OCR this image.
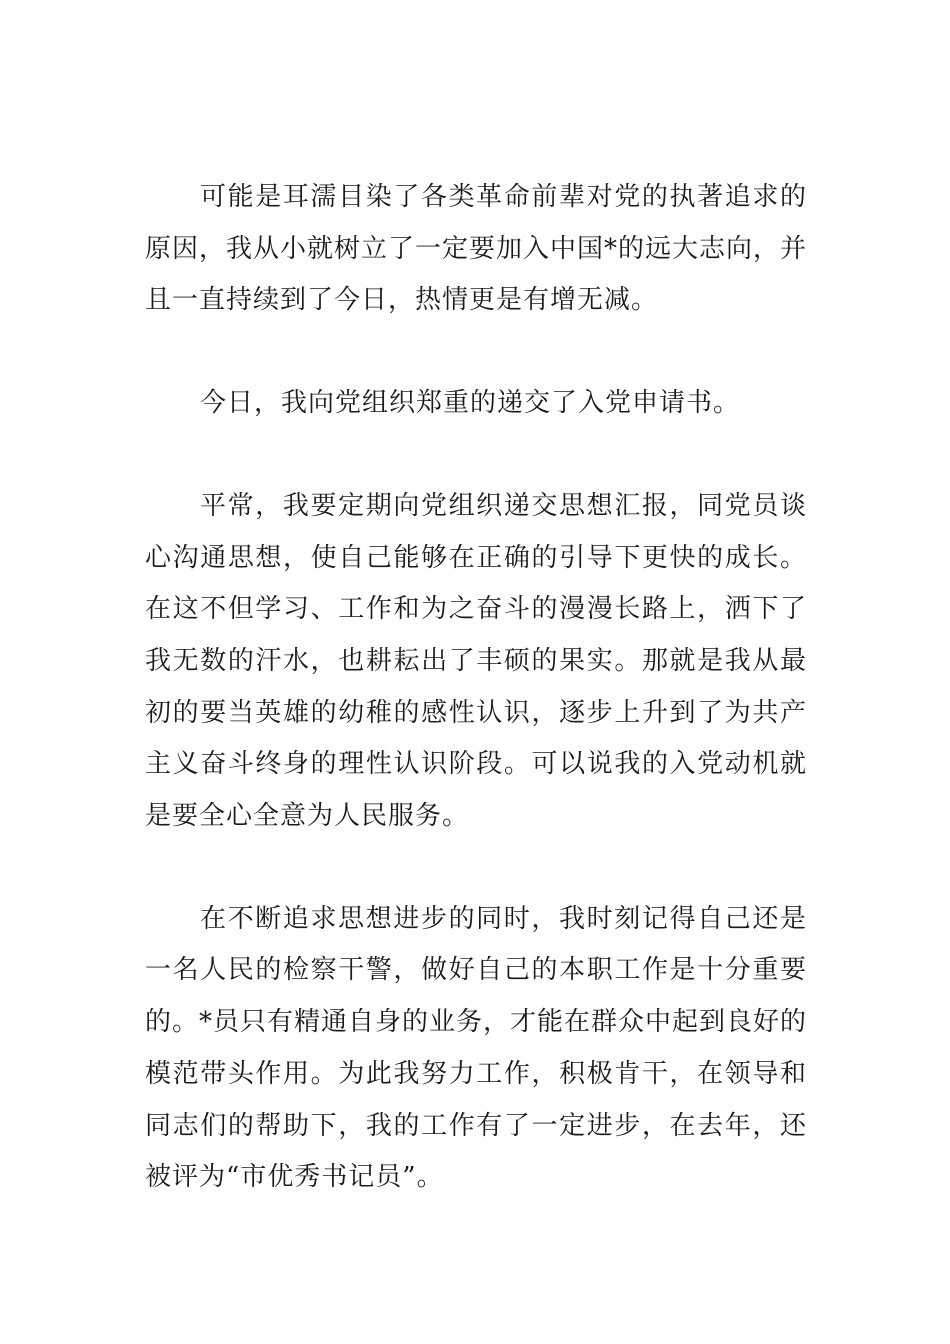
可能是耳濡目染了各类革命前辈对党的执著追求的原因，我从小就树立了一定要加入中国*的远大志向，并且一直持续到了今日，热情更是有增无减。

今日，我向党组织郑重的递交了入党申请书。

平常，我要定期向党组织递交思想汇报，同党员谈心沟通思想，使自己能够在正确的引导下更快的成长。在这不但学习、工作和为之奋斗的漫漫长路上，洒下了我无数的汗水，也耕耘出了丰硕的果实。那就是我从最初的要当英雄的幼稚的感性认识，逐步上升到了为共产主义奋斗终身的理性认识阶段。可以说我的入党动机就是要全心全意为人民服务。

在不断追求思想进步的同时，我时刻记得自己还是一名人民的检察干警，做好自己的本职工作是十分重要的。*员只有精通自身的业务，才能在群众中起到良好的模范带头作用。为此我努力工作，积极肯干，在领导和同志们的帮助下，我的工作有了一定进步，在去年，还被评为“市优秀书记员”。
